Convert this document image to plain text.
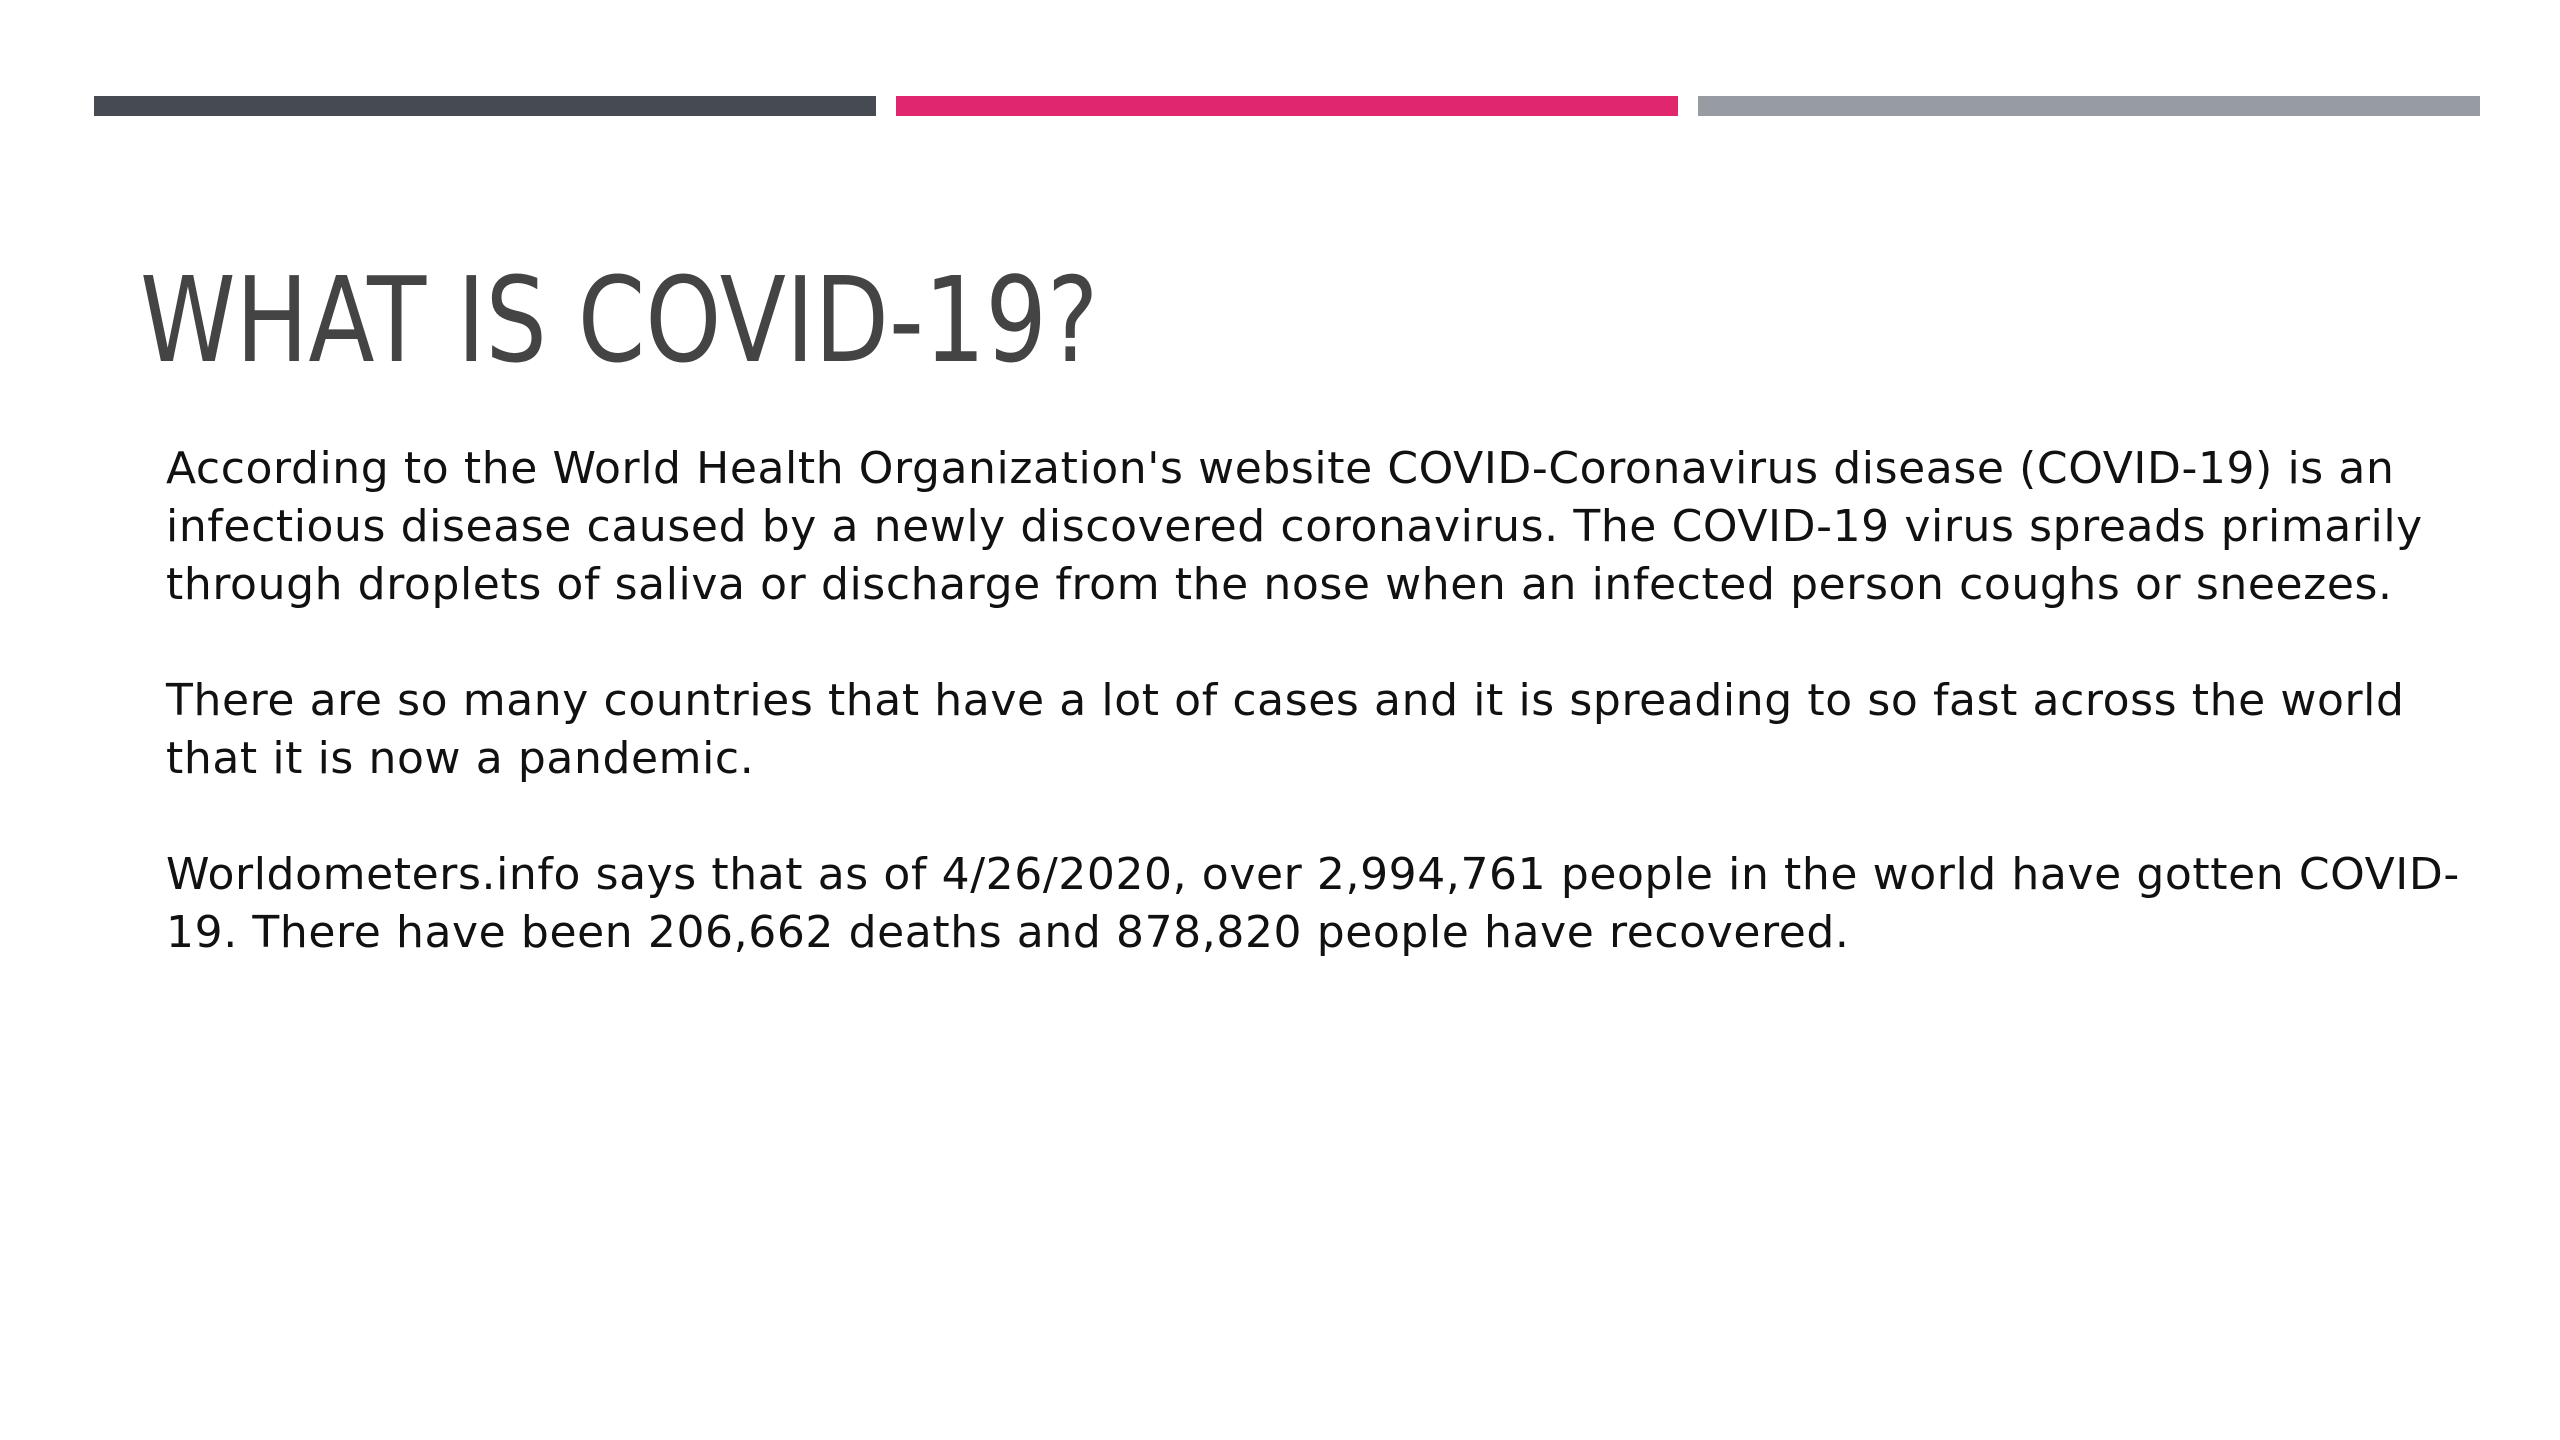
WHAT IS COVID-19?

According to the World Health Organization's website COVID-Coronavirus disease (COVID-19) is an infectious disease caused by a newly discovered coronavirus. The COVID-19 virus spreads primarily through droplets of saliva or discharge from the nose when an infected person coughs or sneezes.

There are so many countries that have a lot of cases and it is spreading to so fast across the world that it is now a pandemic.

Worldometers.info says that as of 4/26/2020, over 2,994,761 people in the world have gotten COVID-19. There have been 206,662 deaths and 878,820 people have recovered.
